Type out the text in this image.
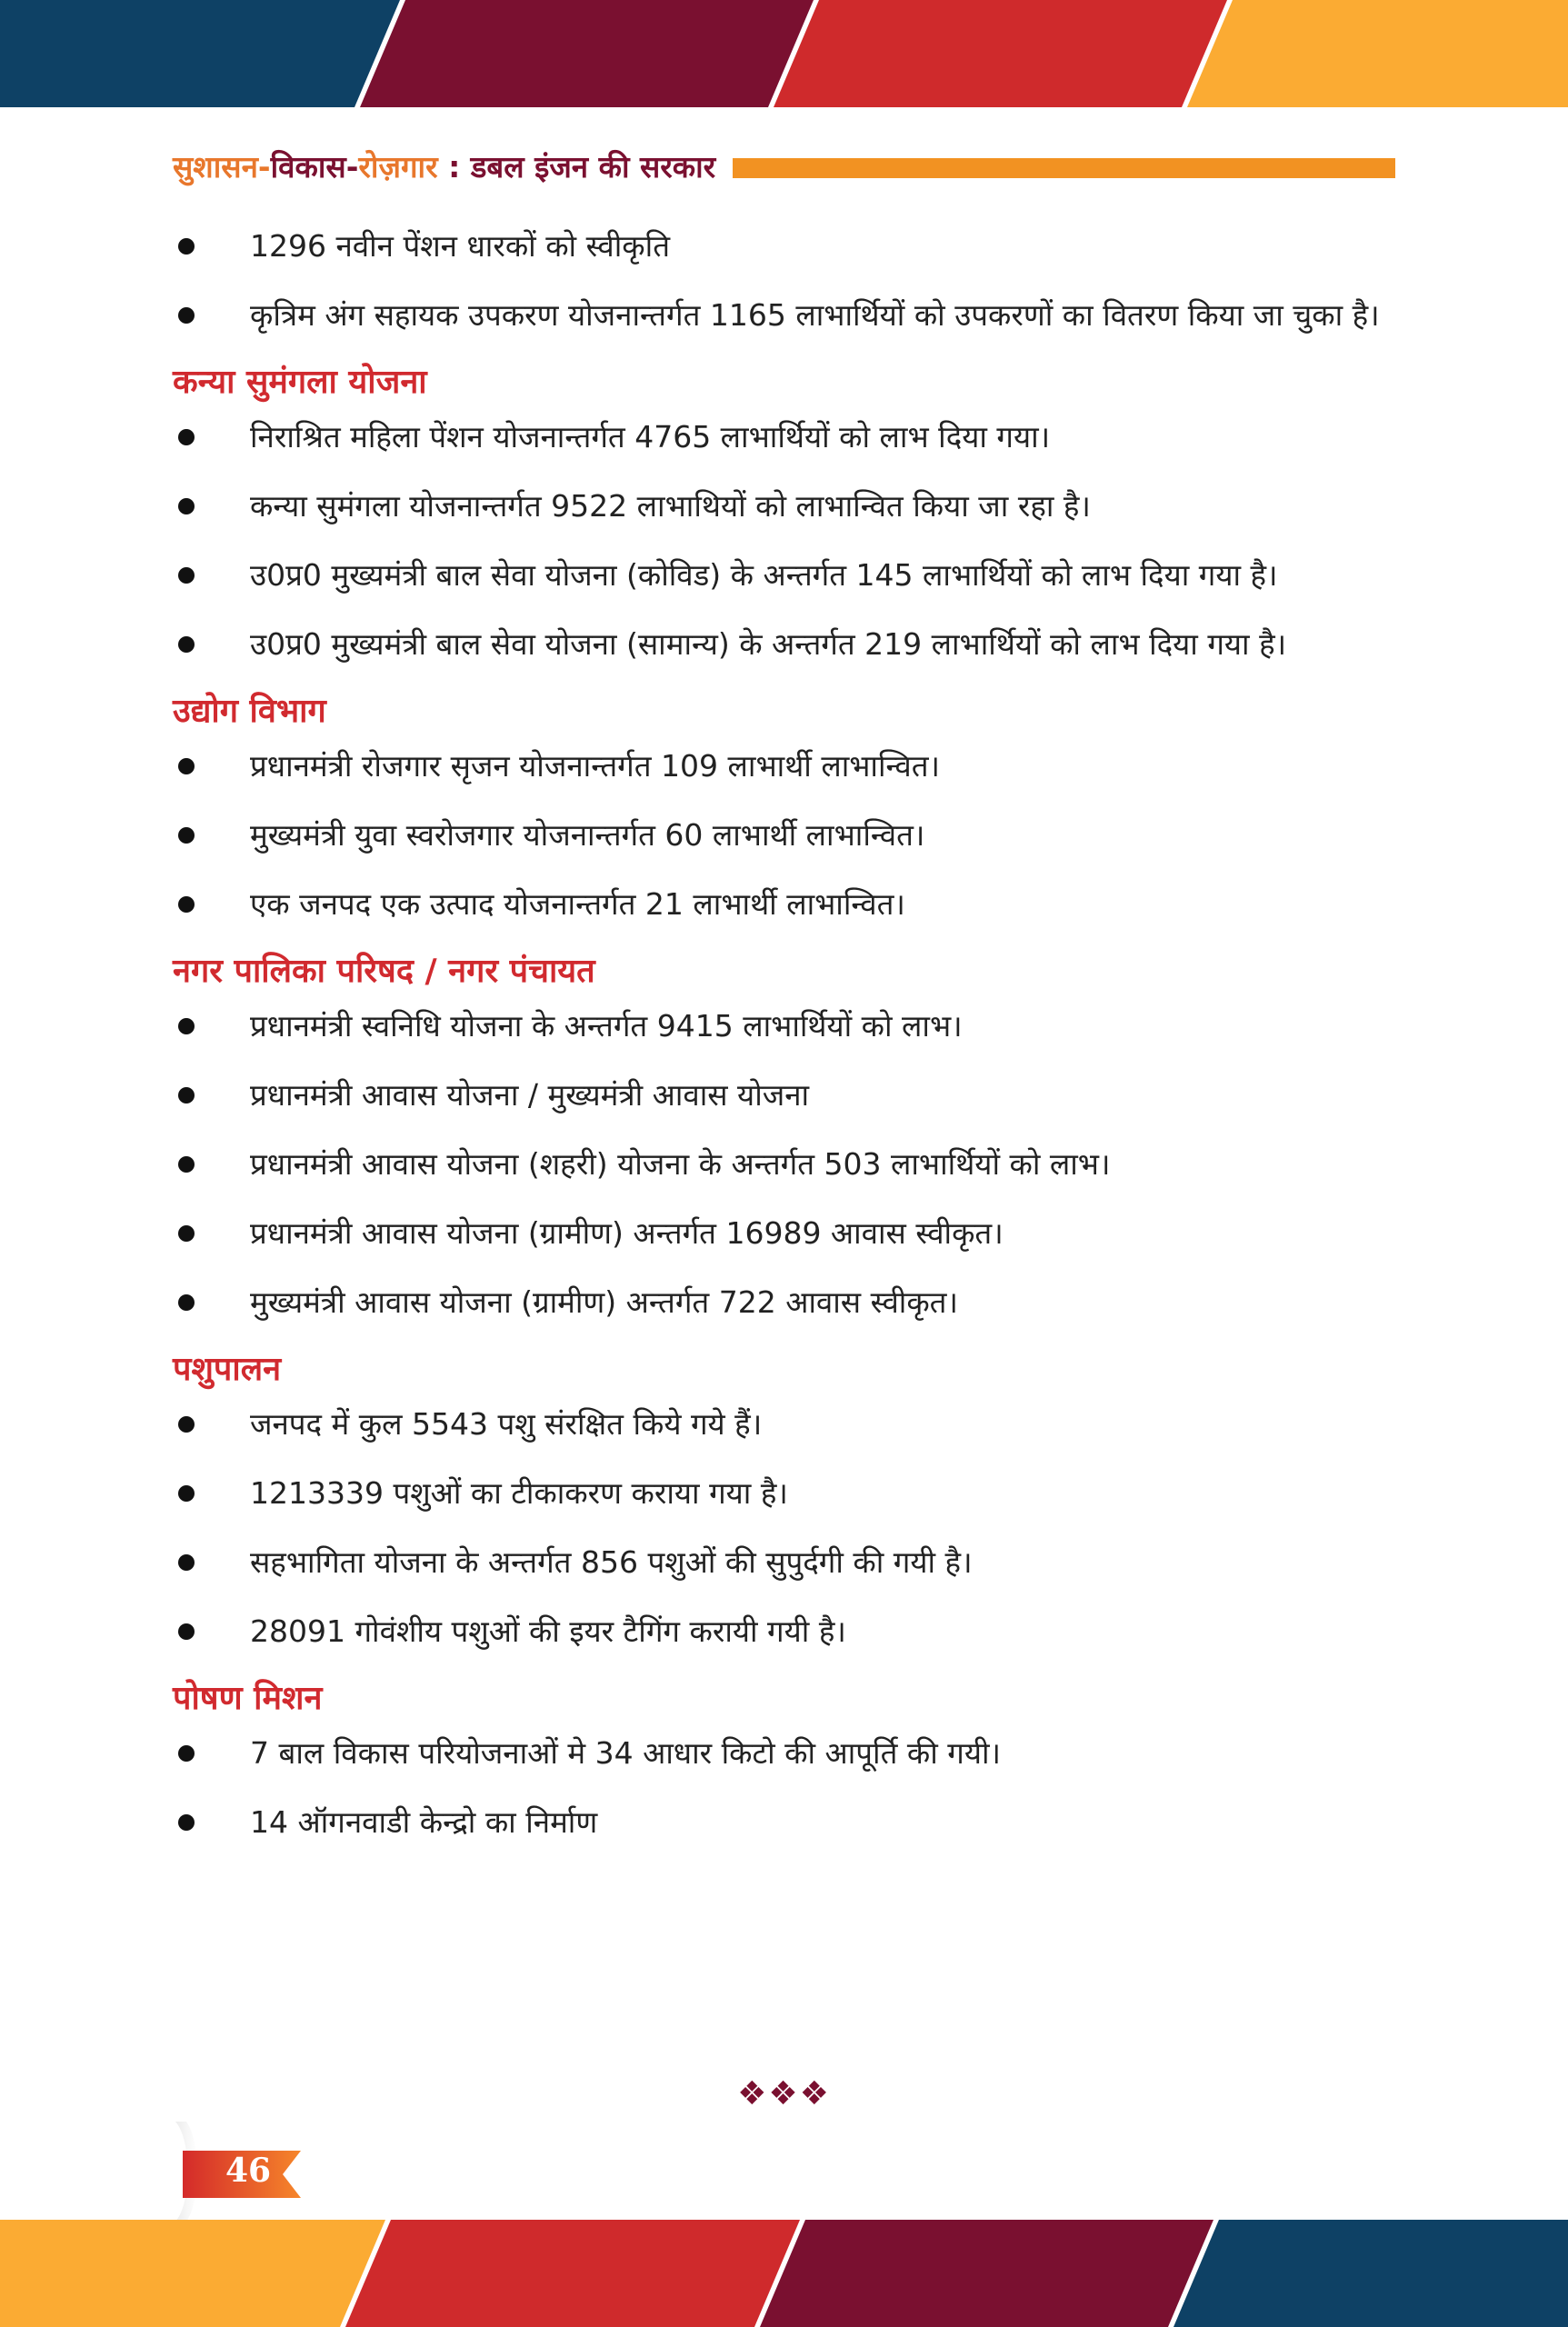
सुशासन-विकास-रोज़गार : डबल इंजन की सरकार
1296 नवीन पेंशन धारकों को स्वीकृति
कृत्रिम अंग सहायक उपकरण योजनान्तर्गत 1165 लाभार्थियों को उपकरणों का वितरण किया जा चुका है।
कन्या सुमंगला योजना
निराश्रित महिला पेंशन योजनान्तर्गत 4765 लाभार्थियों को लाभ दिया गया।
कन्या सुमंगला योजनान्तर्गत 9522 लाभाथियों को लाभान्वित किया जा रहा है।
उ0प्र0 मुख्यमंत्री बाल सेवा योजना (कोविड) के अन्तर्गत 145 लाभार्थियों को लाभ दिया गया है।
उ0प्र0 मुख्यमंत्री बाल सेवा योजना (सामान्य) के अन्तर्गत 219 लाभार्थियों को लाभ दिया गया है।
उद्योग विभाग
प्रधानमंत्री रोजगार सृजन योजनान्तर्गत 109 लाभार्थी लाभान्वित।
मुख्यमंत्री युवा स्वरोजगार योजनान्तर्गत 60 लाभार्थी लाभान्वित।
एक जनपद एक उत्पाद योजनान्तर्गत 21 लाभार्थी लाभान्वित।
नगर पालिका परिषद / नगर पंचायत
प्रधानमंत्री स्वनिधि योजना के अन्तर्गत 9415 लाभार्थियों को लाभ।
प्रधानमंत्री आवास योजना / मुख्यमंत्री आवास योजना
प्रधानमंत्री आवास योजना (शहरी) योजना के अन्तर्गत 503 लाभार्थियों को लाभ।
प्रधानमंत्री आवास योजना (ग्रामीण) अन्तर्गत 16989 आवास स्वीकृत।
मुख्यमंत्री आवास योजना (ग्रामीण) अन्तर्गत 722 आवास स्वीकृत।
पशुपालन
जनपद में कुल 5543 पशु संरक्षित किये गये हैं।
1213339 पशुओं का टीकाकरण कराया गया है।
सहभागिता योजना के अन्तर्गत 856 पशुओं की सुपुर्दगी की गयी है।
28091 गोवंशीय पशुओं की इयर टैगिंग करायी गयी है।
पोषण मिशन
7 बाल विकास परियोजनाओं मे 34 आधार किटो की आपूर्ति की गयी।
14 ऑगनवाडी केन्द्रो का निर्माण
❖❖❖
46
